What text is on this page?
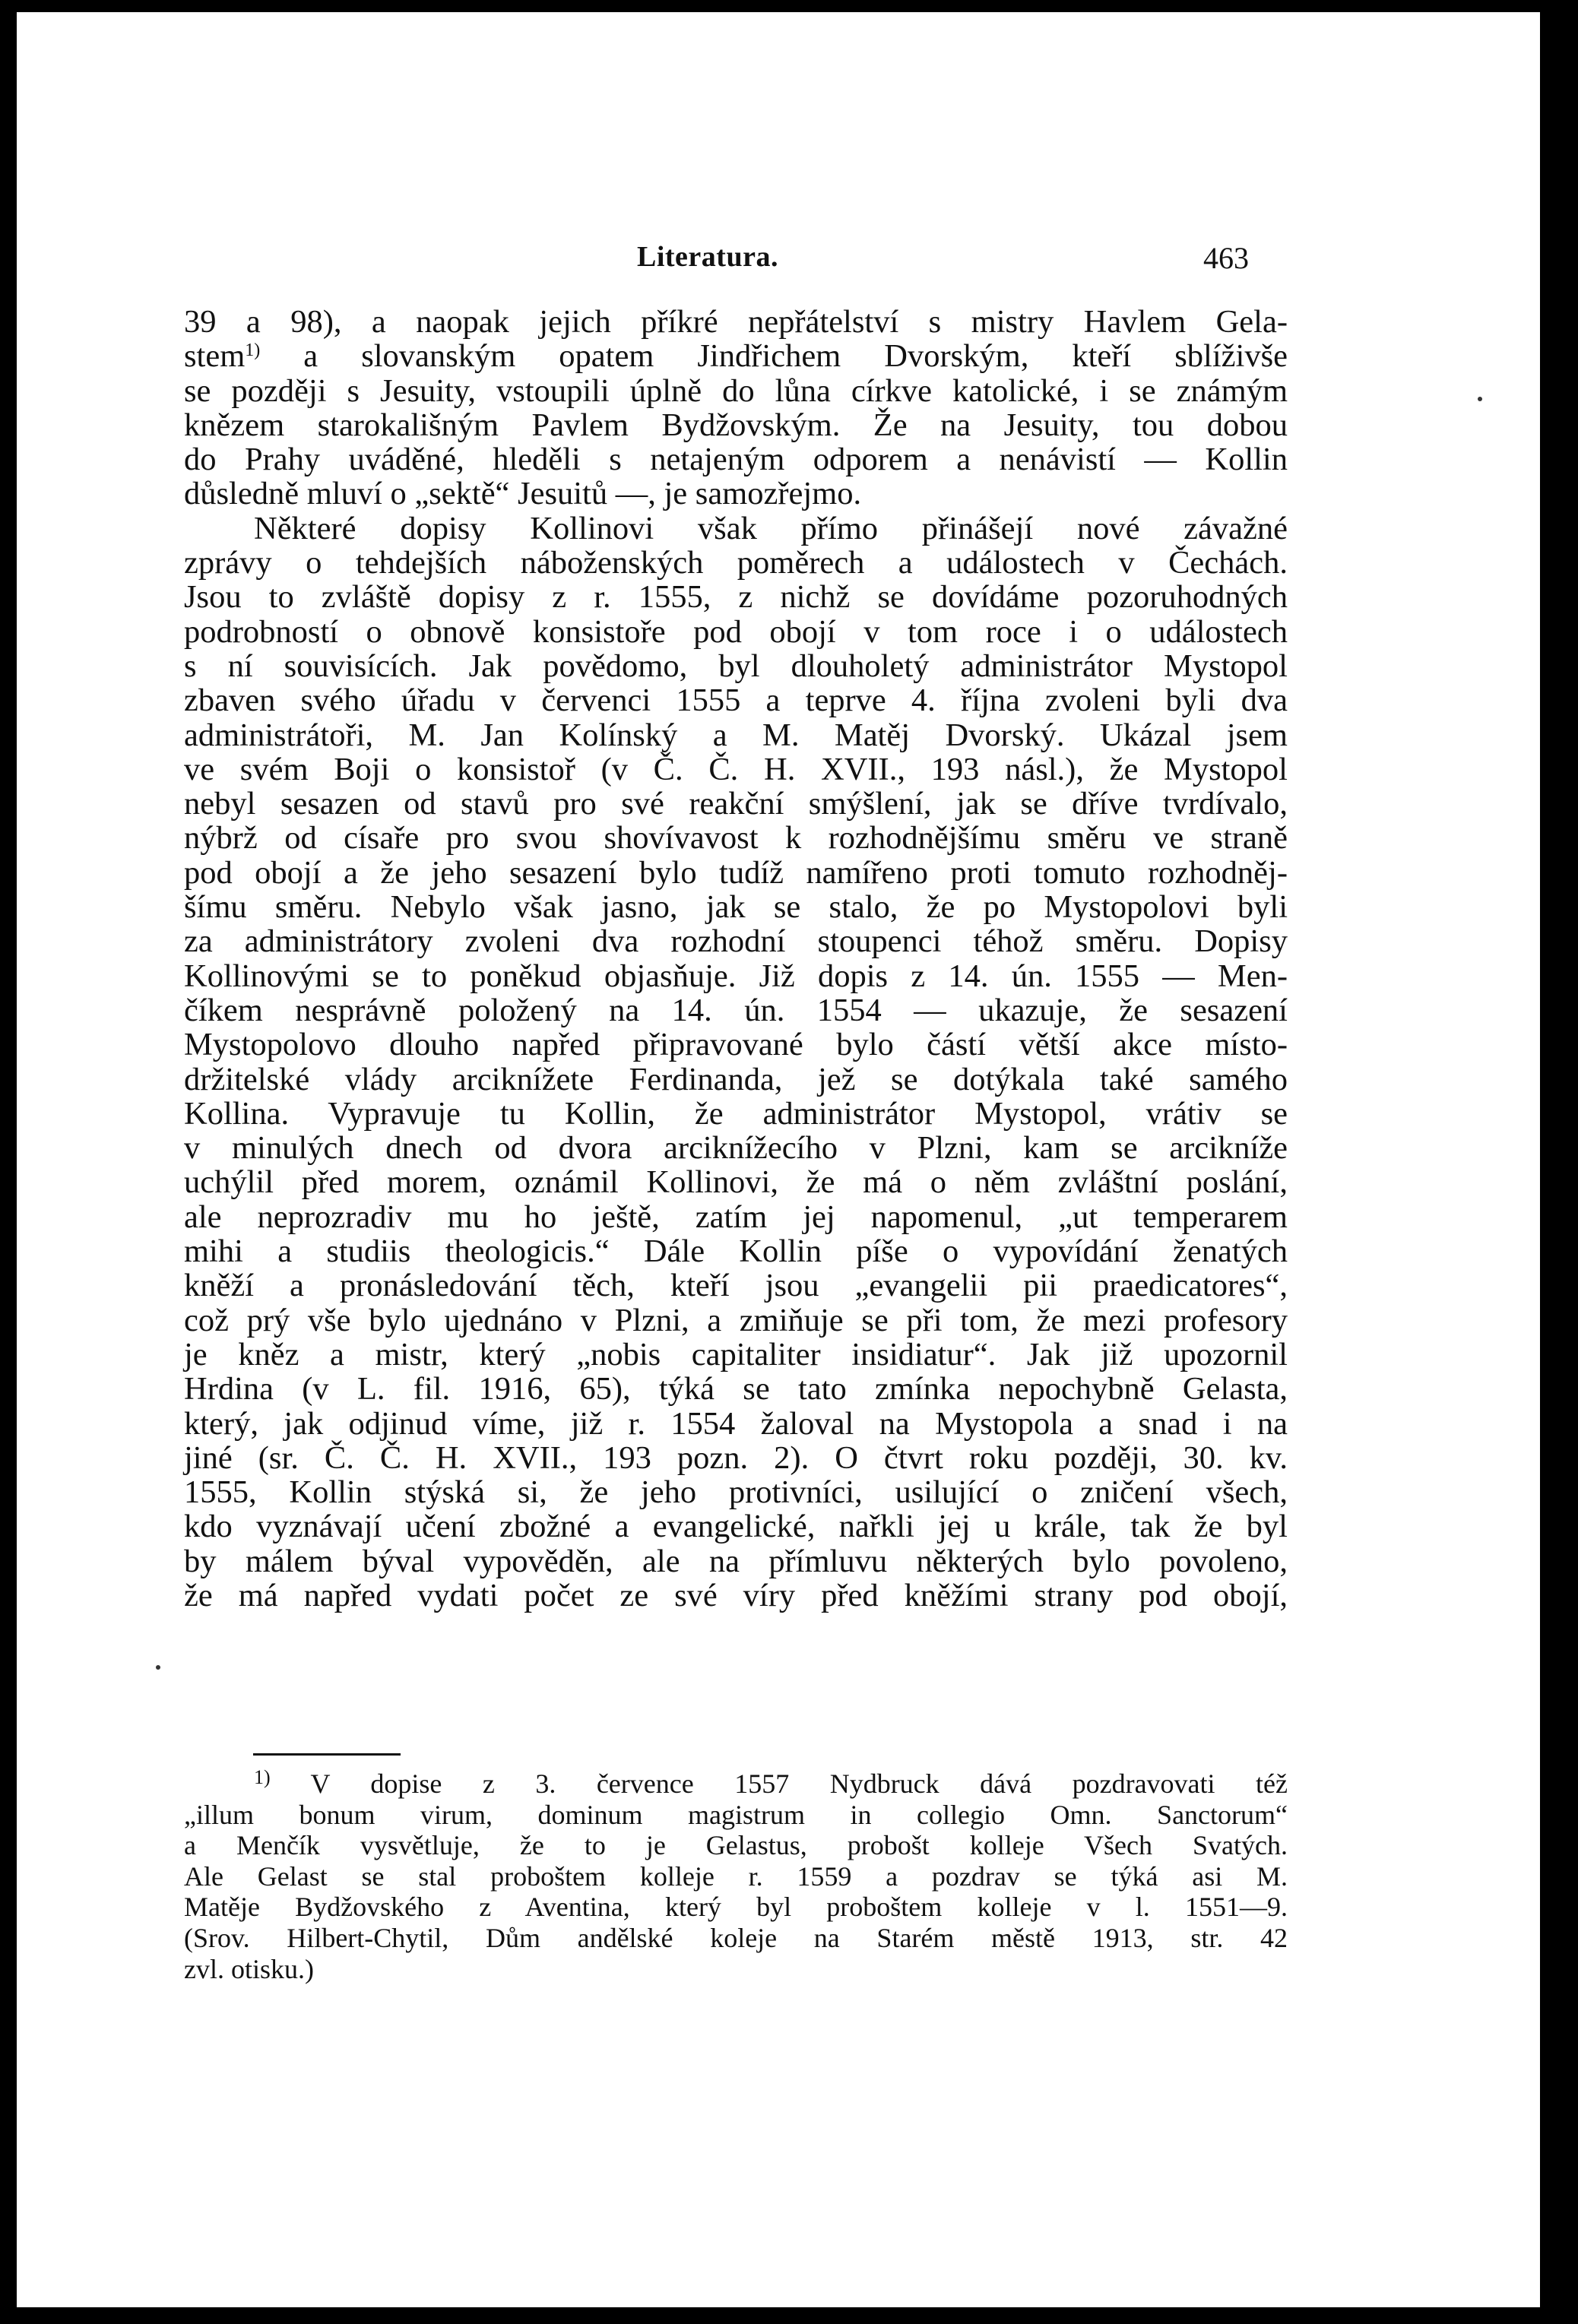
Literatura.	463
39 a 98), a naopak jejich příkré nepřátelství s mistry Havlem Gela-
stem$^{1)}$ a slovanským opatem Jindřichem Dvorským, kteří sblíživše
se později s Jesuity, vstoupili úplně do lůna církve katolické, i se známým
knězem starokališným Pavlem Bydžovským. Že na Jesuity, tou dobou
do Prahy uváděné, hleděli s netajeným odporem a nenávistí — Kollin
důsledně mluví o „sektě“ Jesuitů —, je samozřejmo.
Některé dopisy Kollinovi však přímo přinášejí nové závažné
zprávy o tehdejších náboženských poměrech a událostech v Čechách.
Jsou to zvláště dopisy z r. 1555, z nichž se dovídáme pozoruhodných
podrobností o obnově konsistoře pod obojí v tom roce i o událostech
s ní souvisících. Jak povědomo, byl dlouholetý administrátor Mystopol
zbaven svého úřadu v červenci 1555 a teprve 4. října zvoleni byli dva
administrátoři, M. Jan Kolínský a M. Matěj Dvorský. Ukázal jsem
ve svém Boji o konsistoř (v Č. Č. H. XVII., 193 násl.), že Mystopol
nebyl sesazen od stavů pro své reakční smýšlení, jak se dříve tvrdívalo,
nýbrž od císaře pro svou shovívavost k rozhodnějšímu směru ve straně
pod obojí a že jeho sesazení bylo tudíž namířeno proti tomuto rozhodněj-
šímu směru. Nebylo však jasno, jak se stalo, že po Mystopolovi byli
za administrátory zvoleni dva rozhodní stoupenci téhož směru. Dopisy
Kollinovými se to poněkud objasňuje. Již dopis z 14. ún. 1555 — Men-
číkem nesprávně položený na 14. ún. 1554 — ukazuje, že sesazení
Mystopolovo dlouho napřed připravované bylo částí větší akce místo-
držitelské vlády arciknížete Ferdinanda, jež se dotýkala také samého
Kollina. Vypravuje tu Kollin, že administrátor Mystopol, vrátiv se
v minulých dnech od dvora arciknížecího v Plzni, kam se arcikníže
uchýlil před morem, oznámil Kollinovi, že má o něm zvláštní poslání,
ale neprozradiv mu ho ještě, zatím jej napomenul, „ut temperarem
mihi a studiis theologicis.“ Dále Kollin píše o vypovídání ženatých
kněží a pronásledování těch, kteří jsou „evangelii pii praedicatores“,
což prý vše bylo ujednáno v Plzni, a zmiňuje se při tom, že mezi profesory
je kněz a mistr, který „nobis capitaliter insidiatur“. Jak již upozornil
Hrdina (v L. fil. 1916, 65), týká se tato zmínka nepochybně Gelasta,
který, jak odjinud víme, již r. 1554 žaloval na Mystopola a snad i na
jiné (sr. Č. Č. H. XVII., 193 pozn. 2). O čtvrt roku později, 30. kv.
1555, Kollin stýská si, že jeho protivníci, usilující o zničení všech,
kdo vyznávají učení zbožné a evangelické, nařkli jej u krále, tak že byl
by málem býval vypověděn, ale na přímluvu některých bylo povoleno,
že má napřed vydati počet ze své víry před kněžími strany pod obojí,
$^{1)}$ V dopise z 3. července 1557 Nydbruck dává pozdravovati též
„illum bonum virum, dominum magistrum in collegio Omn. Sanctorum“
a Menčík vysvětluje, že to je Gelastus, probošt kolleje Všech Svatých.
Ale Gelast se stal proboštem kolleje r. 1559 a pozdrav se týká asi M.
Matěje Bydžovského z Aventina, který byl proboštem kolleje v l. 1551—9.
(Srov. Hilbert-Chytil, Dům andělské koleje na Starém městě 1913, str. 42
zvl. otisku.)
